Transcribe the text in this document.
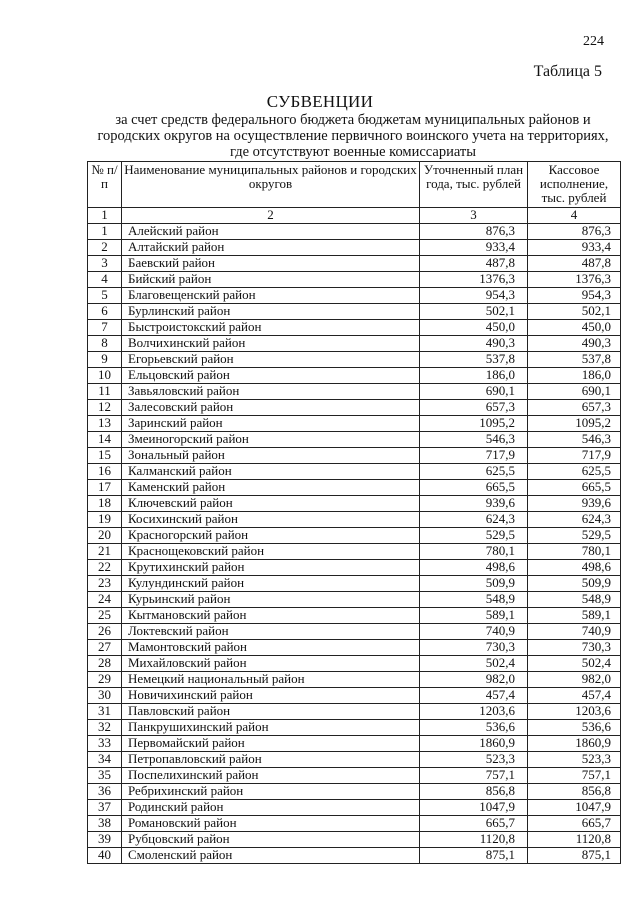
224
Таблица 5
СУБВЕНЦИИ
за счет средств федерального бюджета бюджетам муниципальных районов и городских округов на осуществление первичного воинского учета на территориях, где отсутствуют военные комиссариаты
№ п/п	Наименование муниципальных районов и городских округов	Уточненный план года, тыс. рублей	Кассовое исполнение, тыс. рублей
1	2	3	4
1	Алейский район	876,3	876,3
2	Алтайский район	933,4	933,4
3	Баевский район	487,8	487,8
4	Бийский район	1376,3	1376,3
5	Благовещенский район	954,3	954,3
6	Бурлинский район	502,1	502,1
7	Быстроистокский район	450,0	450,0
8	Волчихинский район	490,3	490,3
9	Егорьевский район	537,8	537,8
10	Ельцовский район	186,0	186,0
11	Завьяловский район	690,1	690,1
12	Залесовский район	657,3	657,3
13	Заринский район	1095,2	1095,2
14	Змеиногорский район	546,3	546,3
15	Зональный район	717,9	717,9
16	Калманский район	625,5	625,5
17	Каменский район	665,5	665,5
18	Ключевский район	939,6	939,6
19	Косихинский район	624,3	624,3
20	Красногорский район	529,5	529,5
21	Краснощековский район	780,1	780,1
22	Крутихинский район	498,6	498,6
23	Кулундинский район	509,9	509,9
24	Курьинский район	548,9	548,9
25	Кытмановский район	589,1	589,1
26	Локтевский район	740,9	740,9
27	Мамонтовский район	730,3	730,3
28	Михайловский район	502,4	502,4
29	Немецкий национальный район	982,0	982,0
30	Новичихинский район	457,4	457,4
31	Павловский район	1203,6	1203,6
32	Панкрушихинский район	536,6	536,6
33	Первомайский район	1860,9	1860,9
34	Петропавловский район	523,3	523,3
35	Поспелихинский район	757,1	757,1
36	Ребрихинский район	856,8	856,8
37	Родинский район	1047,9	1047,9
38	Романовский район	665,7	665,7
39	Рубцовский район	1120,8	1120,8
40	Смоленский район	875,1	875,1
